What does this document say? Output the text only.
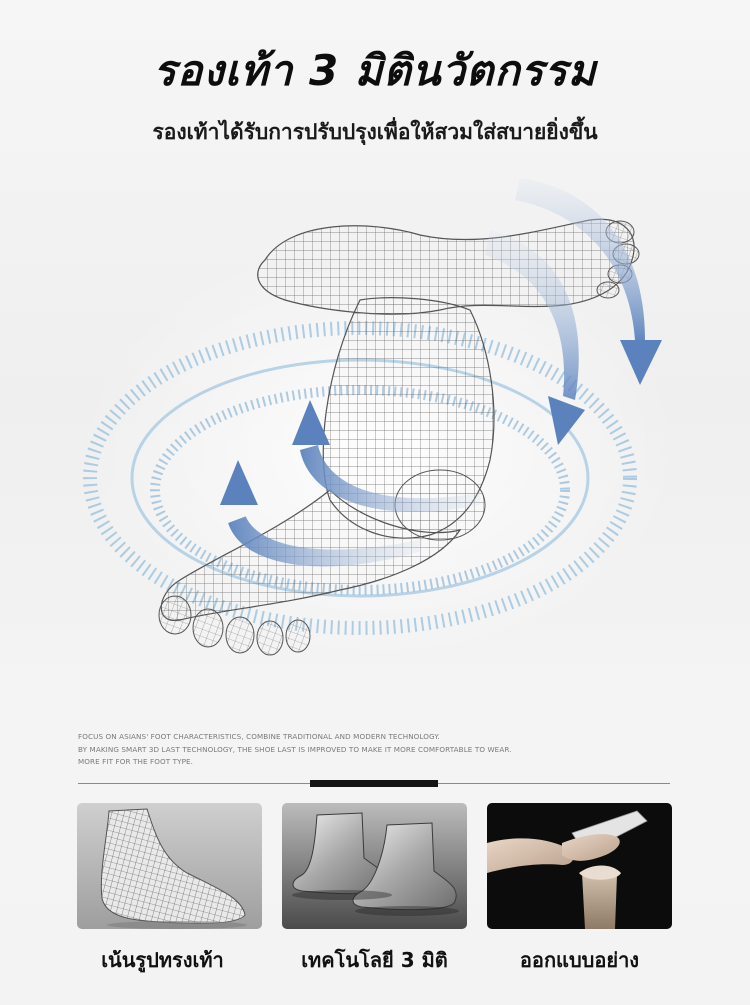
รองเท้า 3 มิตินวัตกรรม
รองเท้าได้รับการปรับปรุงเพื่อให้สวมใส่สบายยิ่งขึ้น
FOCUS ON ASIANS' FOOT CHARACTERISTICS, COMBINE TRADITIONAL AND MODERN TECHNOLOGY.
BY MAKING SMART 3D LAST TECHNOLOGY, THE SHOE LAST IS IMPROVED TO MAKE IT MORE COMFORTABLE TO WEAR.
MORE FIT FOR THE FOOT TYPE.
เน้นรูปทรงเท้า	เทคโนโลยี 3 มิติ	ออกแบบอย่าง
